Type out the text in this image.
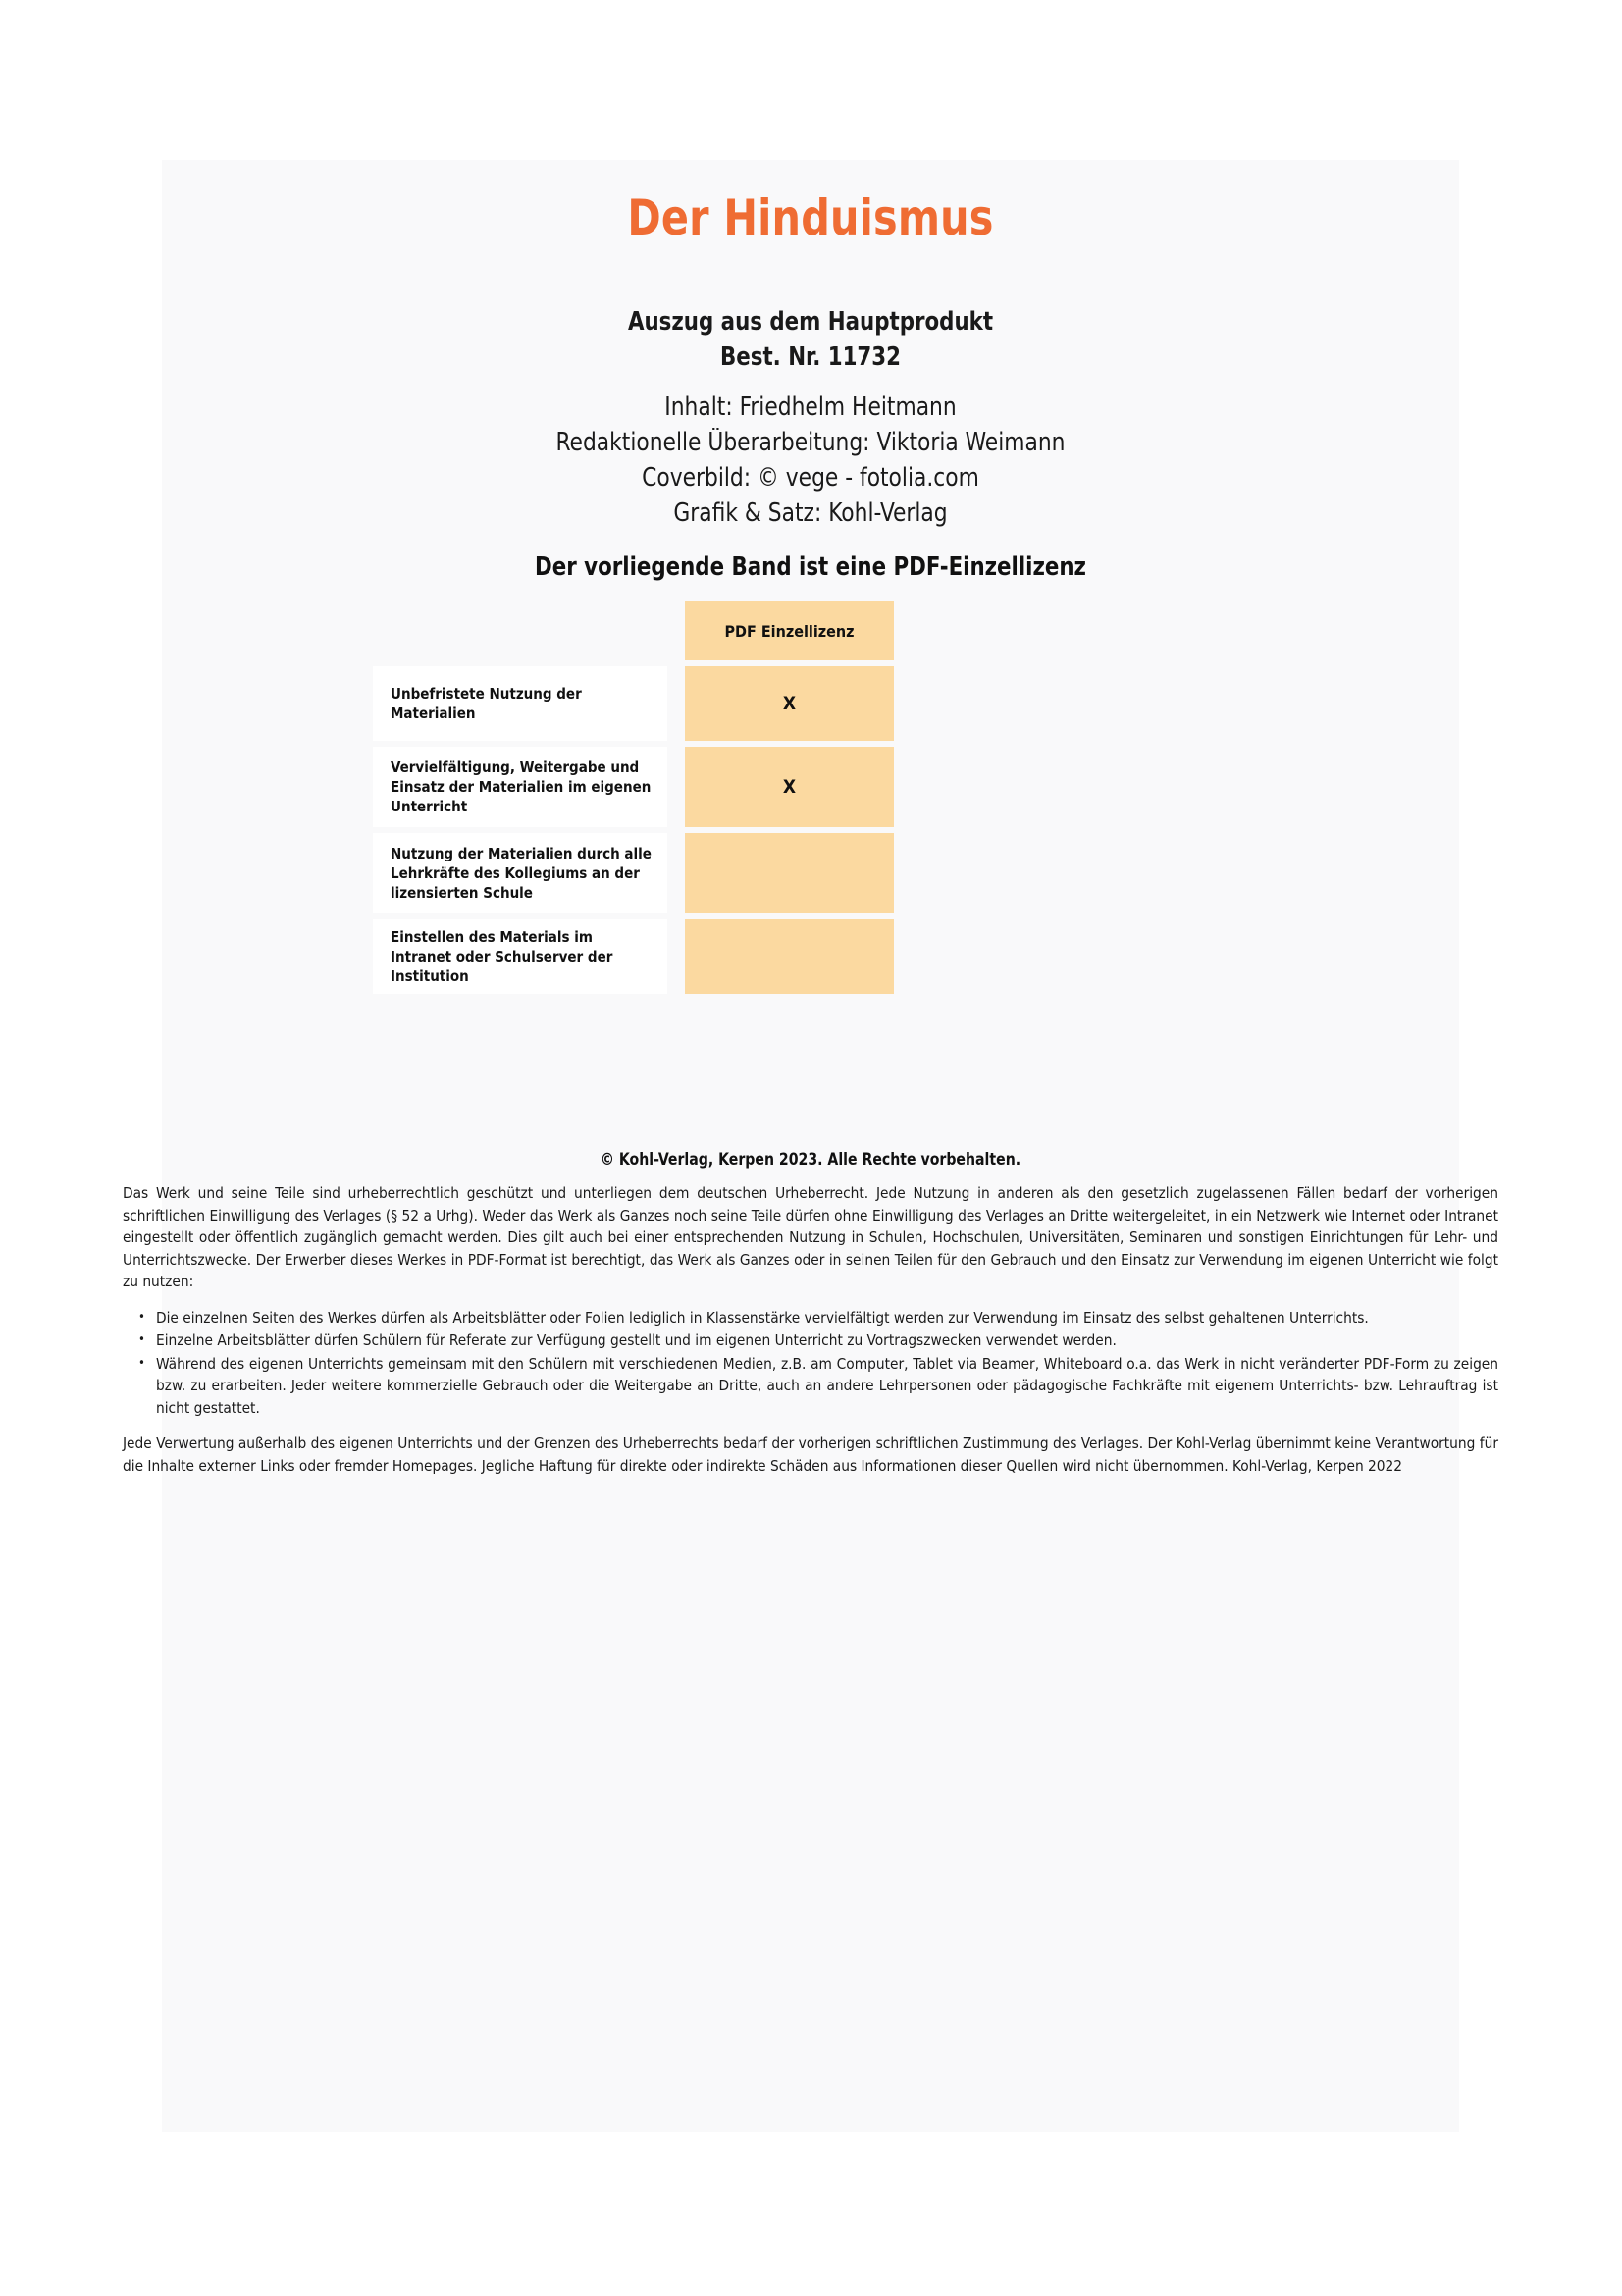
Der Hinduismus
Auszug aus dem Hauptprodukt
Best. Nr. 11732
Inhalt: Friedhelm Heitmann
Redaktionelle Überarbeitung: Viktoria Weimann
Coverbild: © vege - fotolia.com
Grafik & Satz: Kohl-Verlag
Der vorliegende Band ist eine PDF-Einzellizenz
PDF Einzellizenz
Unbefristete Nutzung der Materialien	X
Vervielfältigung, Weitergabe und Einsatz der Materialien im eigenen Unterricht
X
Nutzung der Materialien durch alle Lehrkräfte des Kollegiums an der lizensierten Schule
Einstellen des Materials im Intranet oder Schulserver der Institution
© Kohl-Verlag, Kerpen 2023. Alle Rechte vorbehalten.

Das Werk und seine Teile sind urheberrechtlich geschützt und unterliegen dem deutschen Urheberrecht. Jede Nutzung in anderen als den gesetzlich zugelassenen Fällen bedarf der vorherigen schriftlichen Einwilligung des Verlages (§ 52 a Urhg). Weder das Werk als Ganzes noch seine Teile dürfen ohne Einwilligung des Verlages an Dritte weitergeleitet, in ein Netzwerk wie Internet oder Intranet eingestellt oder öffentlich zugänglich gemacht werden. Dies gilt auch bei einer entsprechenden Nutzung in Schulen, Hochschulen, Universitäten, Seminaren und sonstigen Einrichtungen für Lehr- und Unterrichtszwecke. Der Erwerber dieses Werkes in PDF-Format ist berechtigt, das Werk als Ganzes oder in seinen Teilen für den Gebrauch und den Einsatz zur Verwendung im eigenen Unterricht wie folgt zu nutzen:

• Die einzelnen Seiten des Werkes dürfen als Arbeitsblätter oder Folien lediglich in Klassenstärke vervielfältigt werden zur Verwendung im Einsatz des selbst gehaltenen Unterrichts.
• Einzelne Arbeitsblätter dürfen Schülern für Referate zur Verfügung gestellt und im eigenen Unterricht zu Vortragszwecken verwendet werden.
• Während des eigenen Unterrichts gemeinsam mit den Schülern mit verschiedenen Medien, z.B. am Computer, Tablet via Beamer, Whiteboard o.a. das Werk in nicht veränderter PDF-Form zu zeigen bzw. zu erarbeiten. Jeder weitere kommerzielle Gebrauch oder die Weitergabe an Dritte, auch an andere Lehrpersonen oder pädagogische Fachkräfte mit eigenem Unterrichts- bzw. Lehrauftrag ist nicht gestattet.

Jede Verwertung außerhalb des eigenen Unterrichts und der Grenzen des Urheberrechts bedarf der vorherigen schriftlichen Zustimmung des Verlages. Der Kohl-Verlag übernimmt keine Verantwortung für die Inhalte externer Links oder fremder Homepages. Jegliche Haftung für direkte oder indirekte Schäden aus Informationen dieser Quellen wird nicht übernommen. Kohl-Verlag, Kerpen 2022
